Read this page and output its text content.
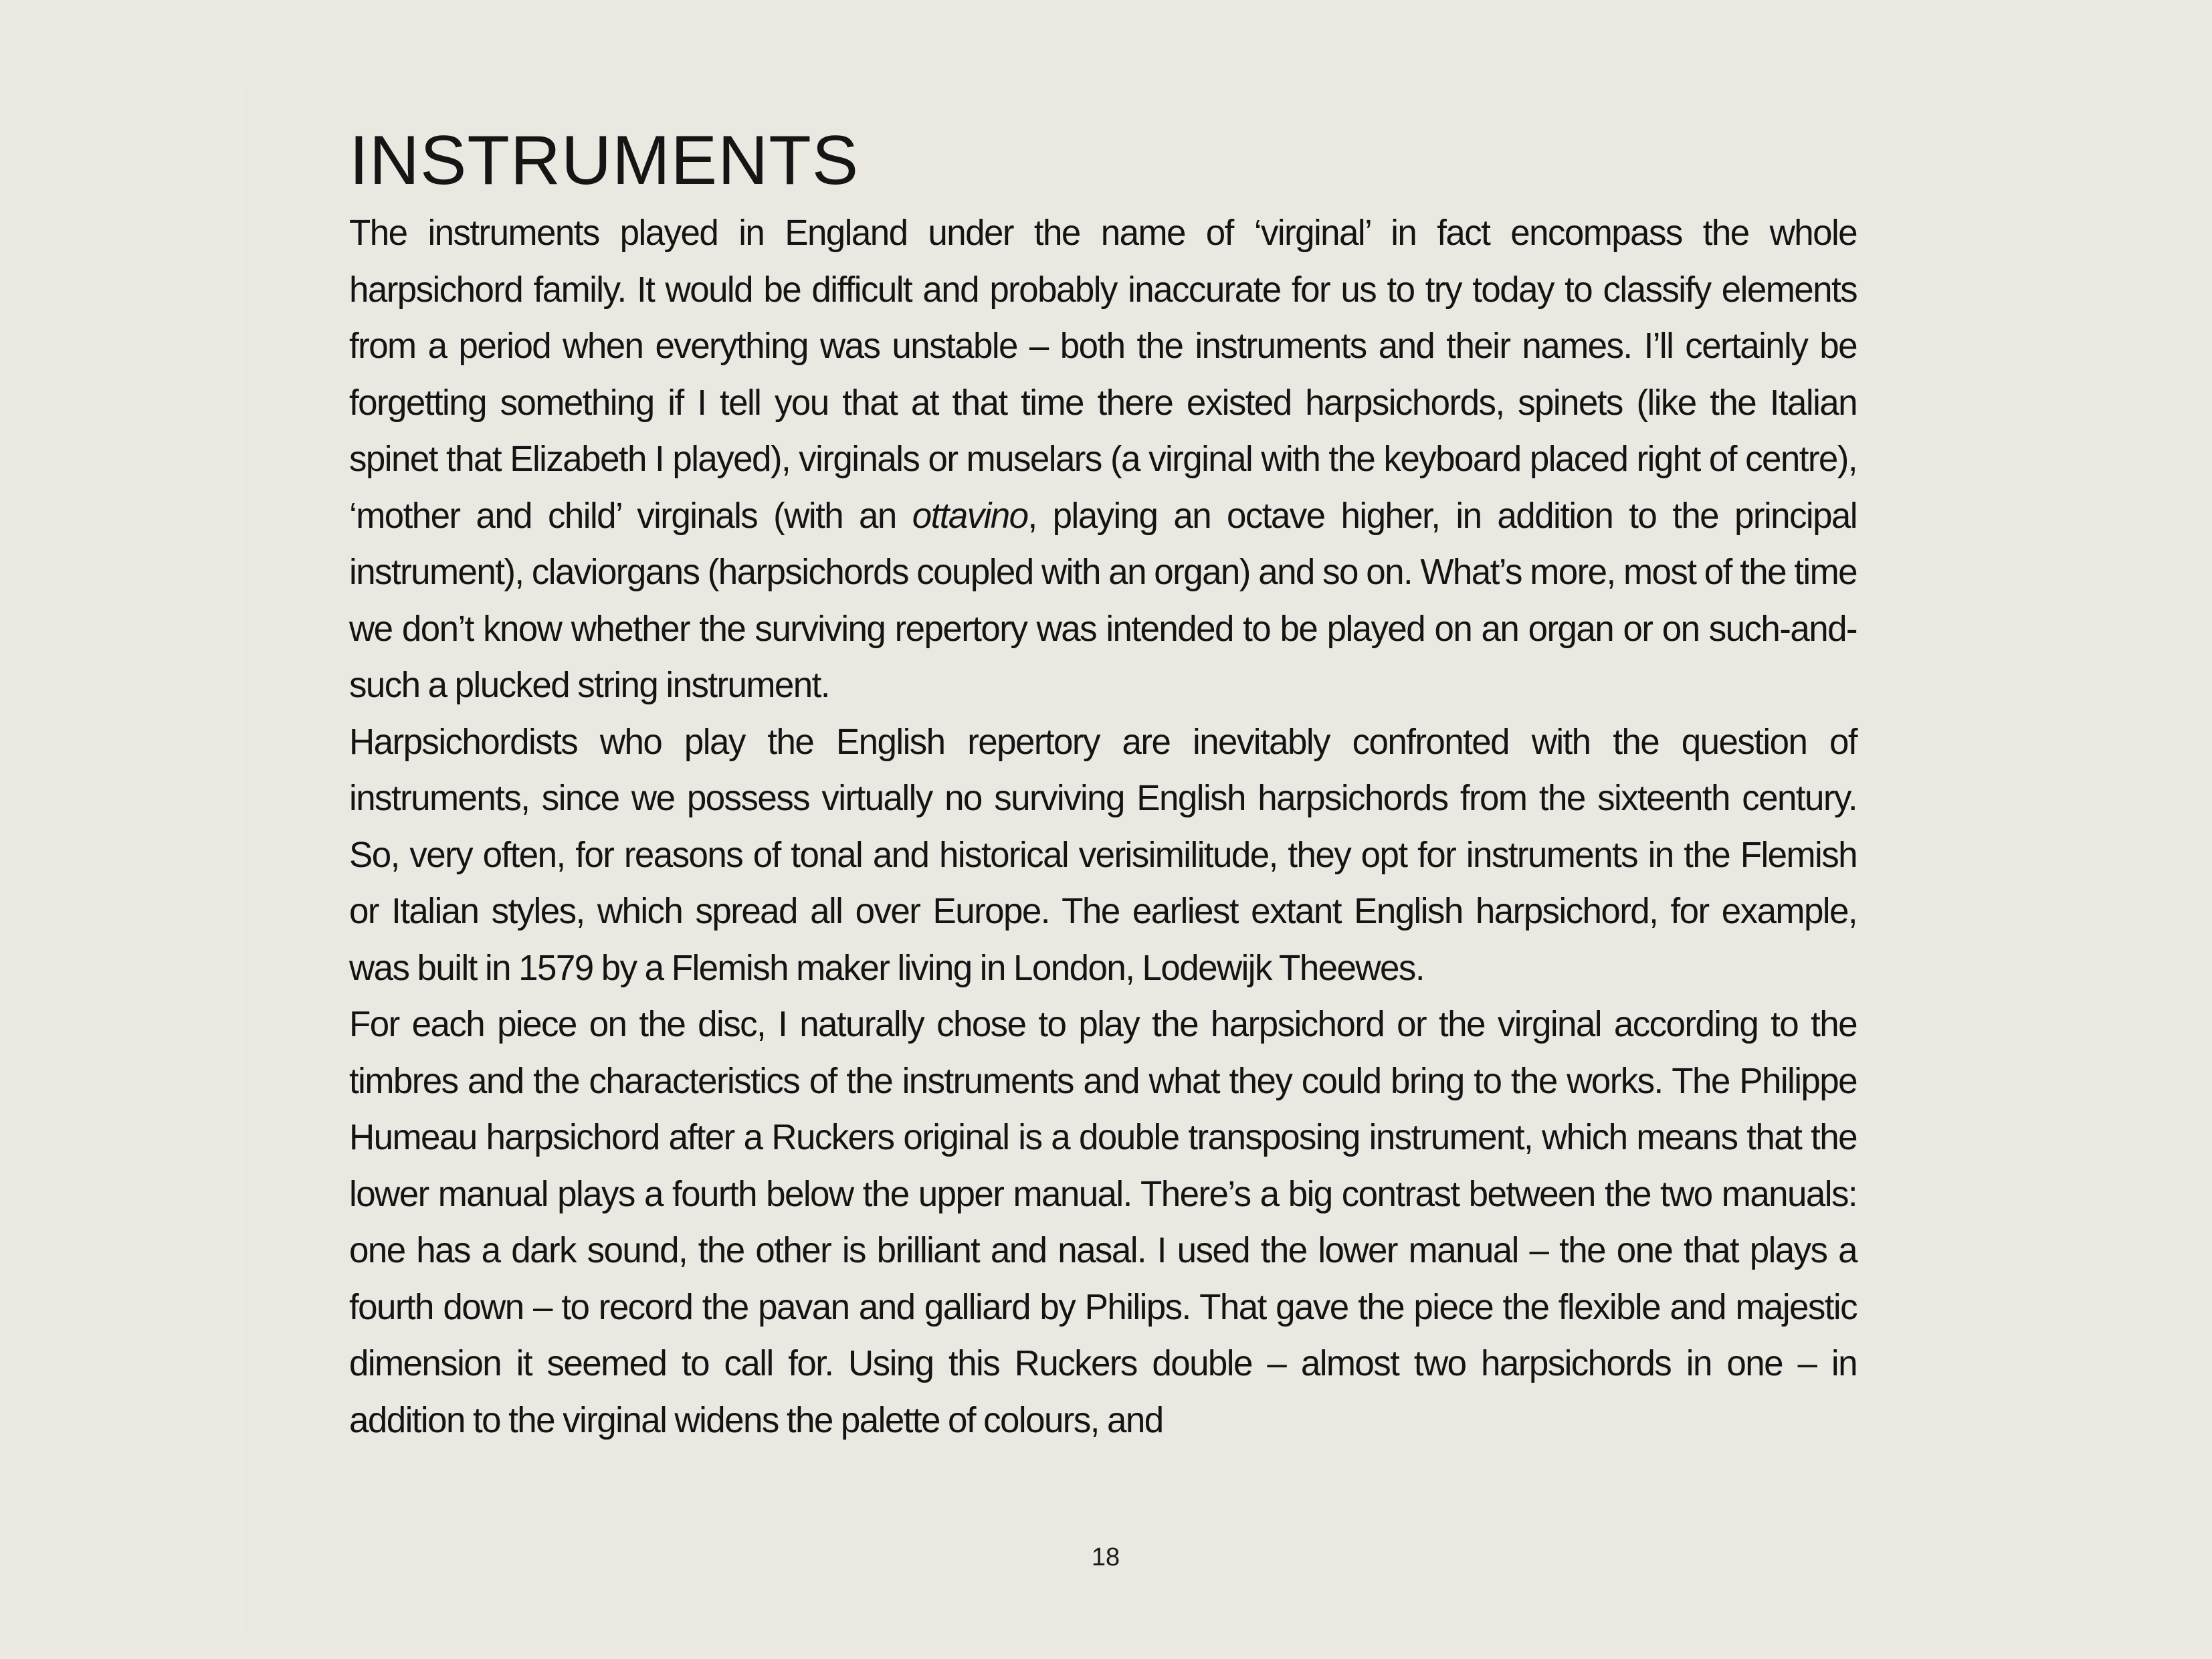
INSTRUMENTS

The instruments played in England under the name of ‘virginal’ in fact encompass the whole harpsichord family. It would be difficult and probably inaccurate for us to try today to classify elements from a period when everything was unstable – both the instruments and their names. I’ll certainly be forgetting something if I tell you that at that time there existed harpsichords, spinets (like the Italian spinet that Elizabeth I played), virginals or muselars (a virginal with the keyboard placed right of centre), ‘mother and child’ virginals (with an ottavino, playing an octave higher, in addition to the principal instrument), claviorgans (harpsichords coupled with an organ) and so on. What’s more, most of the time we don’t know whether the surviving repertory was intended to be played on an organ or on such-and-such a plucked string instrument.

Harpsichordists who play the English repertory are inevitably confronted with the question of instruments, since we possess virtually no surviving English harpsichords from the sixteenth century. So, very often, for reasons of tonal and historical verisimilitude, they opt for instruments in the Flemish or Italian styles, which spread all over Europe. The earliest extant English harpsichord, for example, was built in 1579 by a Flemish maker living in London, Lodewijk Theewes.

For each piece on the disc, I naturally chose to play the harpsichord or the virginal according to the timbres and the characteristics of the instruments and what they could bring to the works. The Philippe Humeau harpsichord after a Ruckers original is a double transposing instrument, which means that the lower manual plays a fourth below the upper manual. There’s a big contrast between the two manuals: one has a dark sound, the other is brilliant and nasal. I used the lower manual – the one that plays a fourth down – to record the pavan and galliard by Philips. That gave the piece the flexible and majestic dimension it seemed to call for. Using this Ruckers double – almost two harpsichords in one – in addition to the virginal widens the palette of colours, and

18
